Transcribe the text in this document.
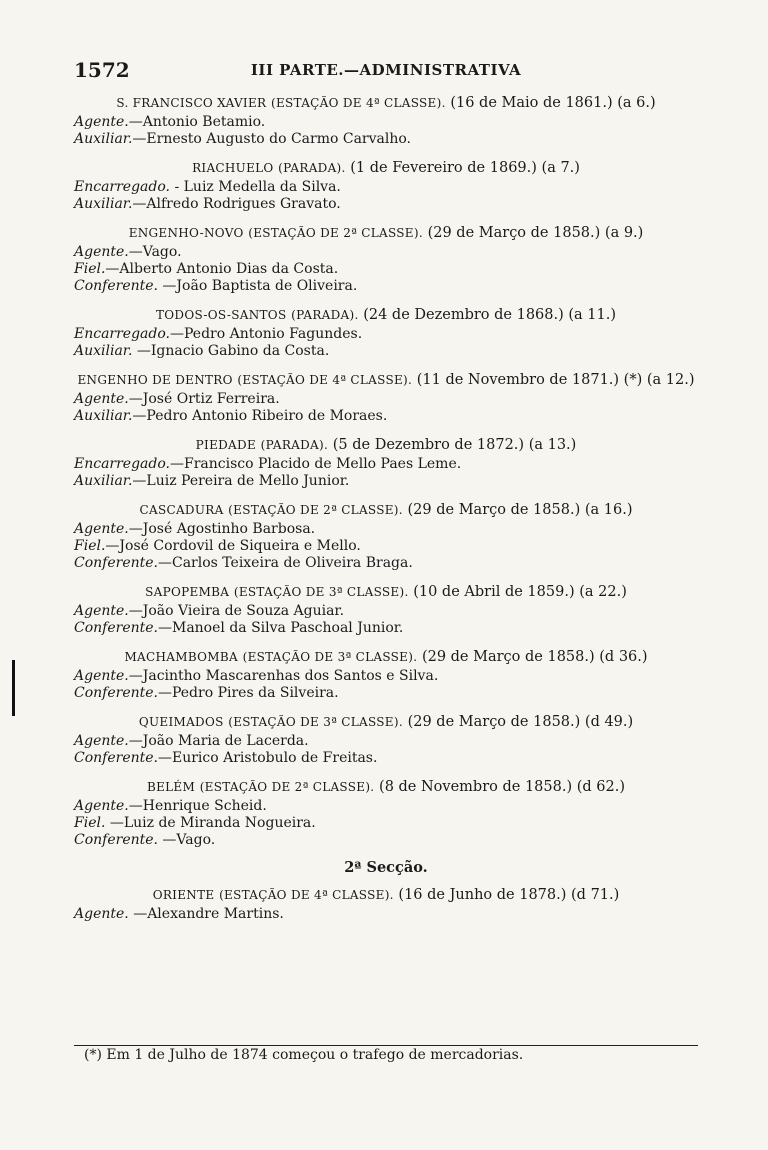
1572	III PARTE.—ADMINISTRATIVA
S. FRANCISCO XAVIER (ESTAÇÃO DE 4ª CLASSE). (16 de Maio de 1861.) (a 6.)

Agente.—Antonio Betamio.

Auxiliar.—Ernesto Augusto do Carmo Carvalho.

RIACHUELO (PARADA). (1 de Fevereiro de 1869.) (a 7.)

Encarregado. - Luiz Medella da Silva.

Auxiliar.—Alfredo Rodrigues Gravato.

ENGENHO-NOVO (ESTAÇÃO DE 2ª CLASSE). (29 de Março de 1858.) (a 9.)

Agente.—Vago.

Fiel.—Alberto Antonio Dias da Costa.

Conferente. —João Baptista de Oliveira.

TODOS-OS-SANTOS (PARADA). (24 de Dezembro de 1868.) (a 11.)

Encarregado.—Pedro Antonio Fagundes.

Auxiliar. —Ignacio Gabino da Costa.

ENGENHO DE DENTRO (ESTAÇÃO DE 4ª CLASSE). (11 de Novembro de 1871.) (*) (a 12.)

Agente.—José Ortiz Ferreira.

Auxiliar.—Pedro Antonio Ribeiro de Moraes.

PIEDADE (PARADA). (5 de Dezembro de 1872.) (a 13.)

Encarregado.—Francisco Placido de Mello Paes Leme.

Auxiliar.—Luiz Pereira de Mello Junior.

CASCADURA (ESTAÇÃO DE 2ª CLASSE). (29 de Março de 1858.) (a 16.)

Agente.—José Agostinho Barbosa.

Fiel.—José Cordovil de Siqueira e Mello.

Conferente.—Carlos Teixeira de Oliveira Braga.

SAPOPEMBA (ESTAÇÃO DE 3ª CLASSE). (10 de Abril de 1859.) (a 22.)

Agente.—João Vieira de Souza Aguiar.

Conferente.—Manoel da Silva Paschoal Junior.

MACHAMBOMBA (ESTAÇÃO DE 3ª CLASSE). (29 de Março de 1858.) (d 36.)

Agente.—Jacintho Mascarenhas dos Santos e Silva.

Conferente.—Pedro Pires da Silveira.

QUEIMADOS (ESTAÇÃO DE 3ª CLASSE). (29 de Março de 1858.) (d 49.)

Agente.—João Maria de Lacerda.

Conferente.—Eurico Aristobulo de Freitas.

BELÉM (ESTAÇÃO DE 2ª CLASSE). (8 de Novembro de 1858.) (d 62.)

Agente.—Henrique Scheid.

Fiel. —Luiz de Miranda Nogueira.

Conferente. —Vago.

2ª Secção.
ORIENTE (ESTAÇÃO DE 4ª CLASSE). (16 de Junho de 1878.) (d 71.)

Agente. —Alexandre Martins.

(*) Em 1 de Julho de 1874 começou o trafego de mercadorias.
